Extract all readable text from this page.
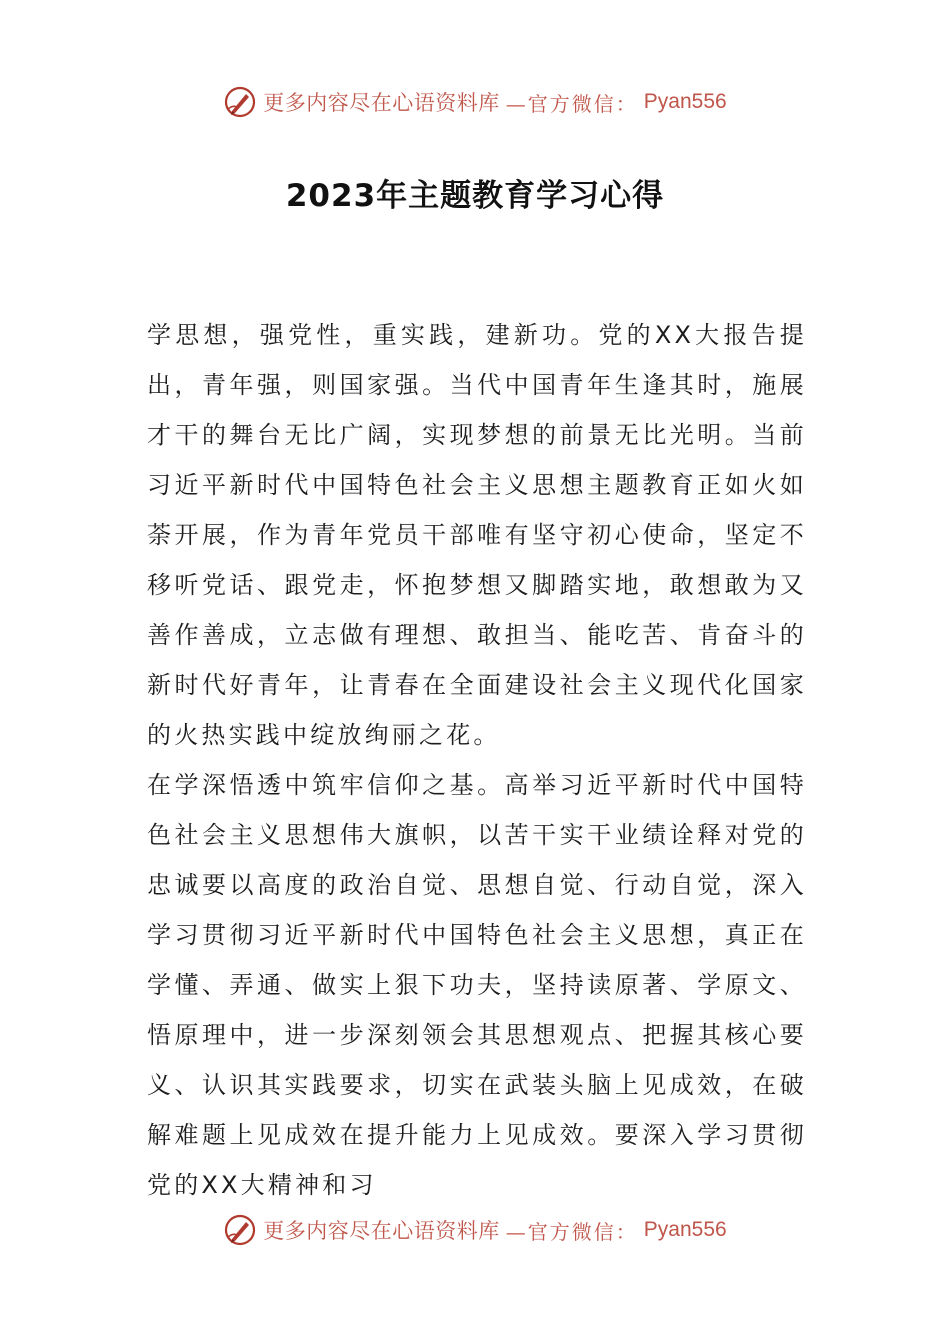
更多内容尽在心语资料库 —官方微信： Pyan556
2023年主题教育学习心得

学思想，强党性，重实践，建新功。党的XX大报告提出，青年强，则国家强。当代中国青年生逢其时，施展才干的舞台无比广阔，实现梦想的前景无比光明。当前习近平新时代中国特色社会主义思想主题教育正如火如荼开展，作为青年党员干部唯有坚守初心使命，坚定不移听党话、跟党走，怀抱梦想又脚踏实地，敢想敢为又善作善成，立志做有理想、敢担当、能吃苦、肯奋斗的新时代好青年，让青春在全面建设社会主义现代化国家的火热实践中绽放绚丽之花。

在学深悟透中筑牢信仰之基。高举习近平新时代中国特色社会主义思想伟大旗帜，以苦干实干业绩诠释对党的忠诚要以高度的政治自觉、思想自觉、行动自觉，深入学习贯彻习近平新时代中国特色社会主义思想，真正在学懂、弄通、做实上狠下功夫，坚持读原著、学原文、悟原理中，进一步深刻领会其思想观点、把握其核心要义、认识其实践要求，切实在武装头脑上见成效，在破解难题上见成效在提升能力上见成效。要深入学习贯彻党的XX大精神和习

更多内容尽在心语资料库 —官方微信： Pyan556
